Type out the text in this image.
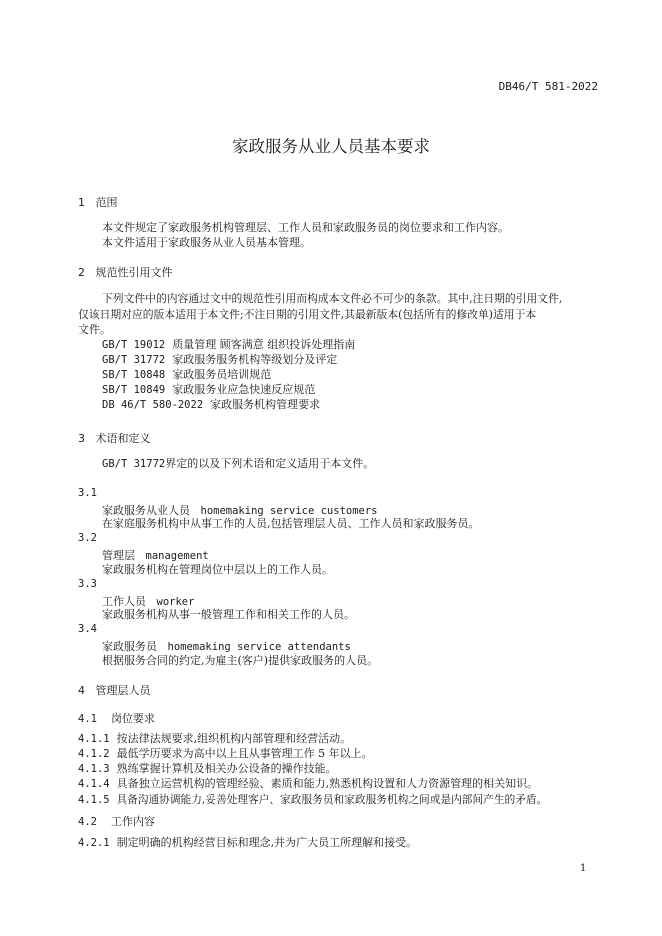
DB46/T 581-2022
家政服务从业人员基本要求
1 范围
本文件规定了家政服务机构管理层、工作人员和家政服务员的岗位要求和工作内容。
本文件适用于家政服务从业人员基本管理。
2 规范性引用文件
下列文件中的内容通过文中的规范性引用而构成本文件必不可少的条款。其中,注日期的引用文件,
仅该日期对应的版本适用于本文件;不注日期的引用文件,其最新版本(包括所有的修改单)适用于本
文件。
GB/T 19012 质量管理 顾客满意 组织投诉处理指南
GB/T 31772 家政服务服务机构等级划分及评定
SB/T 10848 家政服务员培训规范
SB/T 10849 家政服务业应急快速反应规范
DB 46/T 580-2022 家政服务机构管理要求
3 术语和定义
GB/T 31772界定的以及下列术语和定义适用于本文件。
3.1
家政服务从业人员 homemaking service customers
在家庭服务机构中从事工作的人员,包括管理层人员、工作人员和家政服务员。
3.2
管理层 management
家政服务机构在管理岗位中层以上的工作人员。
3.3
工作人员 worker
家政服务机构从事一般管理工作和相关工作的人员。
3.4
家政服务员 homemaking service attendants
根据服务合同的约定,为雇主(客户)提供家政服务的人员。
4 管理层人员
4.1 岗位要求
4.1.1 按法律法规要求,组织机构内部管理和经营活动。
4.1.2 最低学历要求为高中以上且从事管理工作 5 年以上。
4.1.3 熟练掌握计算机及相关办公设备的操作技能。
4.1.4 具备独立运营机构的管理经验、素质和能力,熟悉机构设置和人力资源管理的相关知识。
4.1.5 具备沟通协调能力,妥善处理客户、家政服务员和家政服务机构之间或是内部间产生的矛盾。
4.2 工作内容
4.2.1 制定明确的机构经营目标和理念,并为广大员工所理解和接受。
1
